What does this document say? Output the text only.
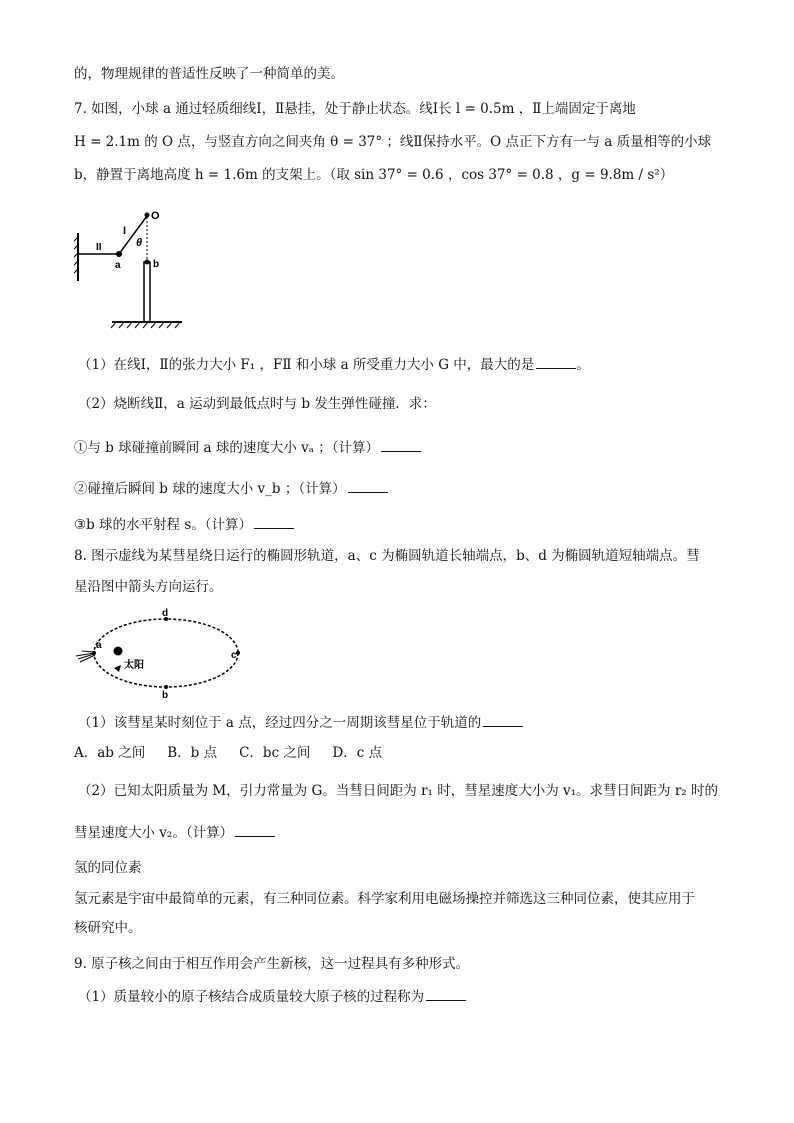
的，物理规律的普适性反映了一种简单的美。
7. 如图，小球 a 通过轻质细线Ⅰ，Ⅱ悬挂，处于静止状态。线Ⅰ长 l = 0.5m ，Ⅱ上端固定于离地
H = 2.1m 的 O 点，与竖直方向之间夹角 θ = 37° ；线Ⅱ保持水平。O 点正下方有一与 a 质量相等的小球
b，静置于离地高度 h = 1.6m 的支架上。（取 sin 37° = 0.6 ，cos 37° = 0.8 ，g = 9.8m / s²）
O
I
II	θ
a	b
（1）在线Ⅰ，Ⅱ的张力大小 F₁ ，FⅡ 和小球 a 所受重力大小 G 中，最大的是	。
（2）烧断线Ⅱ，a 运动到最低点时与 b 发生弹性碰撞．求：
①与 b 球碰撞前瞬间 a 球的速度大小 vₐ ；（计算）
②碰撞后瞬间 b 球的速度大小 v_b ；（计算）
③b 球的水平射程 s。（计算）
8. 图示虚线为某彗星绕日运行的椭圆形轨道，a、c 为椭圆轨道长轴端点，b、d 为椭圆轨道短轴端点。彗
星沿图中箭头方向运行。
a
d
c
b
太阳
（1）该彗星某时刻位于 a 点，经过四分之一周期该彗星位于轨道的
A．ab 之间 B．b 点 C．bc 之间 D．c 点
（2）已知太阳质量为 M，引力常量为 G。当彗日间距为 r₁ 时，彗星速度大小为 v₁。求彗日间距为 r₂ 时的
彗星速度大小 v₂。（计算）
氢的同位素
氢元素是宇宙中最简单的元素，有三种同位素。科学家利用电磁场操控并筛选这三种同位素，使其应用于
核研究中。
9. 原子核之间由于相互作用会产生新核，这一过程具有多种形式。
（1）质量较小的原子核结合成质量较大原子核的过程称为
